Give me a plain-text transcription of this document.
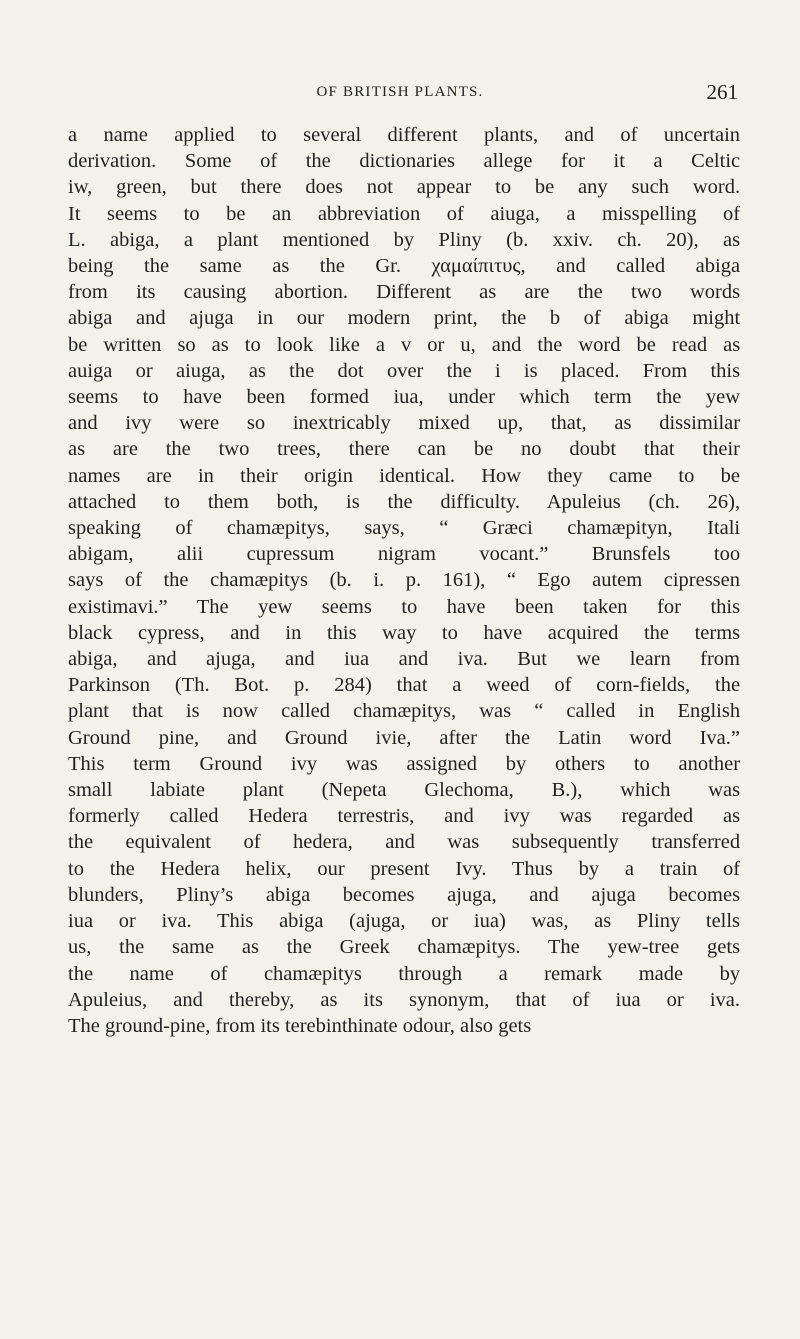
OF BRITISH PLANTS.	261
a name applied to several different plants, and of uncertain
derivation. Some of the dictionaries allege for it a Celtic
iw, green, but there does not appear to be any such word.
It seems to be an abbreviation of aiuga, a misspelling of
L. abiga, a plant mentioned by Pliny (b. xxiv. ch. 20), as
being the same as the Gr. χαμαίπιτυς, and called abiga
from its causing abortion. Different as are the two words
abiga and ajuga in our modern print, the b of abiga might
be written so as to look like a v or u, and the word be read as
auiga or aiuga, as the dot over the i is placed. From this
seems to have been formed iua, under which term the yew
and ivy were so inextricably mixed up, that, as dissimilar
as are the two trees, there can be no doubt that their
names are in their origin identical. How they came to be
attached to them both, is the difficulty. Apuleius (ch. 26),
speaking of chamæpitys, says, “ Græci chamæpityn, Itali
abigam, alii cupressum nigram vocant.” Brunsfels too
says of the chamæpitys (b. i. p. 161), “ Ego autem cipressen
existimavi.” The yew seems to have been taken for this
black cypress, and in this way to have acquired the terms
abiga, and ajuga, and iua and iva. But we learn from
Parkinson (Th. Bot. p. 284) that a weed of corn-fields, the
plant that is now called chamæpitys, was “ called in English
Ground pine, and Ground ivie, after the Latin word Iva.”
This term Ground ivy was assigned by others to another
small labiate plant (Nepeta Glechoma, B.), which was
formerly called Hedera terrestris, and ivy was regarded as
the equivalent of hedera, and was subsequently transferred
to the Hedera helix, our present Ivy. Thus by a train of
blunders, Pliny’s abiga becomes ajuga, and ajuga becomes
iua or iva. This abiga (ajuga, or iua) was, as Pliny tells
us, the same as the Greek chamæpitys. The yew-tree gets
the name of chamæpitys through a remark made by
Apuleius, and thereby, as its synonym, that of iua or iva.
The ground-pine, from its terebinthinate odour, also gets
